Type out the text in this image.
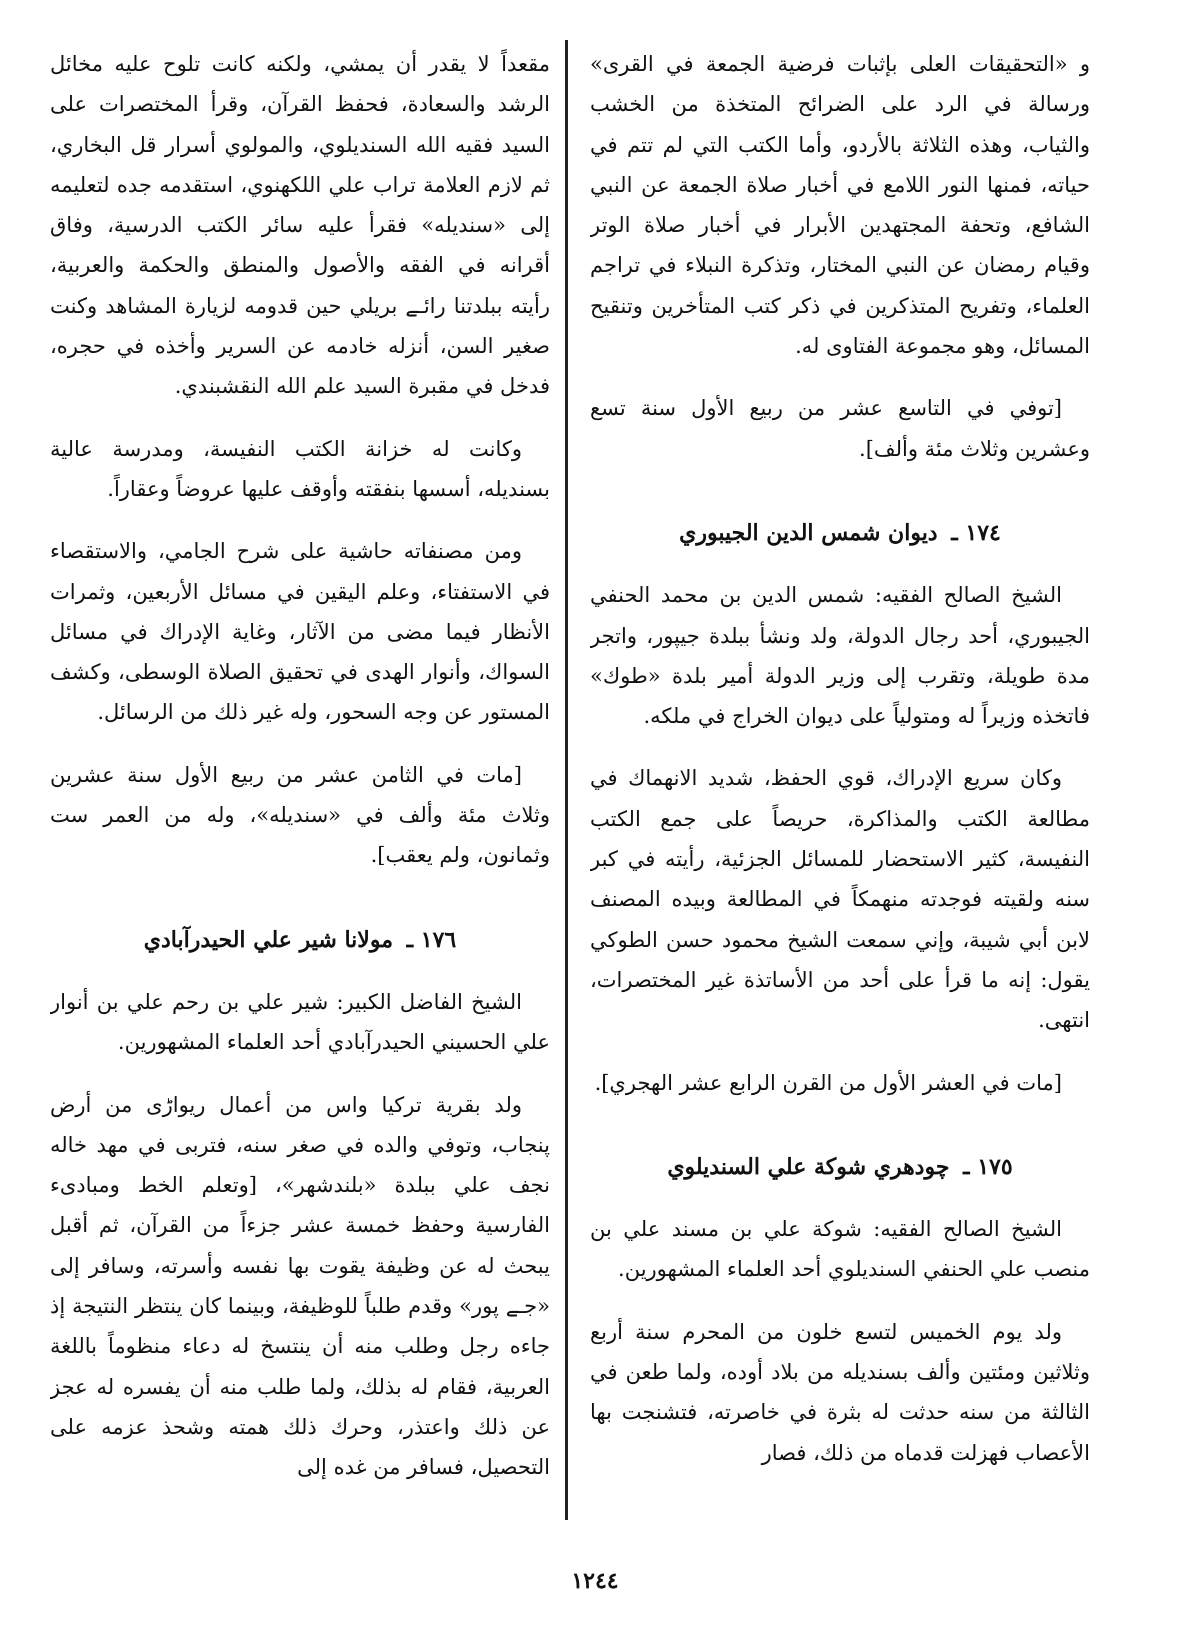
و «التحقيقات العلى بإثبات فرضية الجمعة في القرى» ورسالة في الرد على الضرائح المتخذة من الخشب والثياب، وهذه الثلاثة بالأردو، وأما الكتب التي لم تتم في حياته، فمنها النور اللامع في أخبار صلاة الجمعة عن النبي الشافع، وتحفة المجتهدين الأبرار في أخبار صلاة الوتر وقيام رمضان عن النبي المختار، وتذكرة النبلاء في تراجم العلماء، وتفريح المتذكرين في ذكر كتب المتأخرين وتنقيح المسائل، وهو مجموعة الفتاوى له.

[توفي في التاسع عشر من ربيع الأول سنة تسع وعشرين وثلاث مئة وألف].

١٧٤ ـ ديوان شمس الدين الجيبوري

الشيخ الصالح الفقيه: شمس الدين بن محمد الحنفي الجيبوري، أحد رجال الدولة، ولد ونشأ ببلدة جيپور، واتجر مدة طويلة، وتقرب إلى وزير الدولة أمير بلدة «طوك» فاتخذه وزيراً له ومتولياً على ديوان الخراج في ملكه.

وكان سريع الإدراك، قوي الحفظ، شديد الانهماك في مطالعة الكتب والمذاكرة، حريصاً على جمع الكتب النفيسة، كثير الاستحضار للمسائل الجزئية، رأيته في كبر سنه ولقيته فوجدته منهمكاً في المطالعة وبيده المصنف لابن أبي شيبة، وإني سمعت الشيخ محمود حسن الطوكي يقول: إنه ما قرأ على أحد من الأساتذة غير المختصرات، انتهى.

[مات في العشر الأول من القرن الرابع عشر الهجري].

١٧٥ ـ چودهري شوكة علي السنديلوي

الشيخ الصالح الفقيه: شوكة علي بن مسند علي بن منصب علي الحنفي السنديلوي أحد العلماء المشهورين.

ولد يوم الخميس لتسع خلون من المحرم سنة أربع وثلاثين ومئتين وألف بسنديله من بلاد أوده، ولما طعن في الثالثة من سنه حدثت له بثرة في خاصرته، فتشنجت بها الأعصاب فهزلت قدماه من ذلك، فصار

مقعداً لا يقدر أن يمشي، ولكنه كانت تلوح عليه مخائل الرشد والسعادة، فحفظ القرآن، وقرأ المختصرات على السيد فقيه الله السنديلوي، والمولوي أسرار قل البخاري، ثم لازم العلامة تراب علي اللكهنوي، استقدمه جده لتعليمه إلى «سنديله» فقرأ عليه سائر الكتب الدرسية، وفاق أقرانه في الفقه والأصول والمنطق والحكمة والعربية، رأيته ببلدتنا رائـے بريلي حين قدومه لزيارة المشاهد وكنت صغير السن، أنزله خادمه عن السرير وأخذه في حجره، فدخل في مقبرة السيد علم الله النقشبندي.

وكانت له خزانة الكتب النفيسة، ومدرسة عالية بسنديله، أسسها بنفقته وأوقف عليها عروضاً وعقاراً.

ومن مصنفاته حاشية على شرح الجامي، والاستقصاء في الاستفتاء، وعلم اليقين في مسائل الأربعين، وثمرات الأنظار فيما مضى من الآثار، وغاية الإدراك في مسائل السواك، وأنوار الهدى في تحقيق الصلاة الوسطى، وكشف المستور عن وجه السحور، وله غير ذلك من الرسائل.

[مات في الثامن عشر من ربيع الأول سنة عشرين وثلاث مئة وألف في «سنديله»، وله من العمر ست وثمانون، ولم يعقب].

١٧٦ ـ مولانا شير علي الحيدرآبادي

الشيخ الفاضل الكبير: شير علي بن رحم علي بن أنوار علي الحسيني الحيدرآبادي أحد العلماء المشهورين.

ولد بقرية تركيا واس من أعمال ريواڑى من أرض پنجاب، وتوفي والده في صغر سنه، فتربى في مهد خاله نجف علي ببلدة «بلندشهر»، [وتعلم الخط ومبادىء الفارسية وحفظ خمسة عشر جزءاً من القرآن، ثم أقبل يبحث له عن وظيفة يقوت بها نفسه وأسرته، وسافر إلى «جـے پور» وقدم طلباً للوظيفة، وبينما كان ينتظر النتيجة إذ جاءه رجل وطلب منه أن ينتسخ له دعاء منظوماً باللغة العربية، فقام له بذلك، ولما طلب منه أن يفسره له عجز عن ذلك واعتذر، وحرك ذلك همته وشحذ عزمه على التحصيل، فسافر من غده إلى

١٢٤٤
